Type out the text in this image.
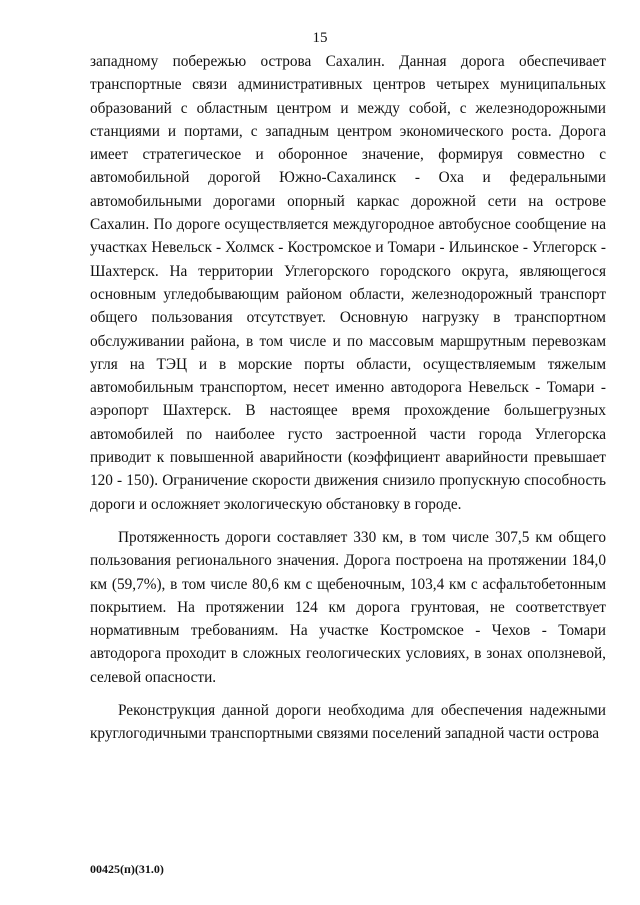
15

западному побережью острова Сахалин. Данная дорога обеспечивает транспортные связи административных центров четырех муниципальных образований с областным центром и между собой, с железнодорожными станциями и портами, с западным центром экономического роста. Дорога имеет стратегическое и оборонное значение, формируя совместно с автомобильной дорогой Южно-Сахалинск - Оха и федеральными автомобильными дорогами опорный каркас дорожной сети на острове Сахалин. По дороге осуществляется междугородное автобусное сообщение на участках Невельск - Холмск - Костромское и Томари - Ильинское - Углегорск - Шахтерск. На территории Углегорского городского округа, являющегося основным угледобывающим районом области, железнодорожный транспорт общего пользования отсутствует. Основную нагрузку в транспортном обслуживании района, в том числе и по массовым маршрутным перевозкам угля на ТЭЦ и в морские порты области, осуществляемым тяжелым автомобильным транспортом, несет именно автодорога Невельск - Томари - аэропорт Шахтерск. В настоящее время прохождение большегрузных автомобилей по наиболее густо застроенной части города Углегорска приводит к повышенной аварийности (коэффициент аварийности превышает 120 - 150). Ограничение скорости движения снизило пропускную способность дороги и осложняет экологическую обстановку в городе.

Протяженность дороги составляет 330 км, в том числе 307,5 км общего пользования регионального значения. Дорога построена на протяжении 184,0 км (59,7%), в том числе 80,6 км с щебеночным, 103,4 км с асфальтобетонным покрытием. На протяжении 124 км дорога грунтовая, не соответствует нормативным требованиям. На участке Костромское - Чехов - Томари автодорога проходит в сложных геологических условиях, в зонах оползневой, селевой опасности.

Реконструкция данной дороги необходима для обеспечения надежными круглогодичными транспортными связями поселений западной части острова

00425(п)(31.0)
